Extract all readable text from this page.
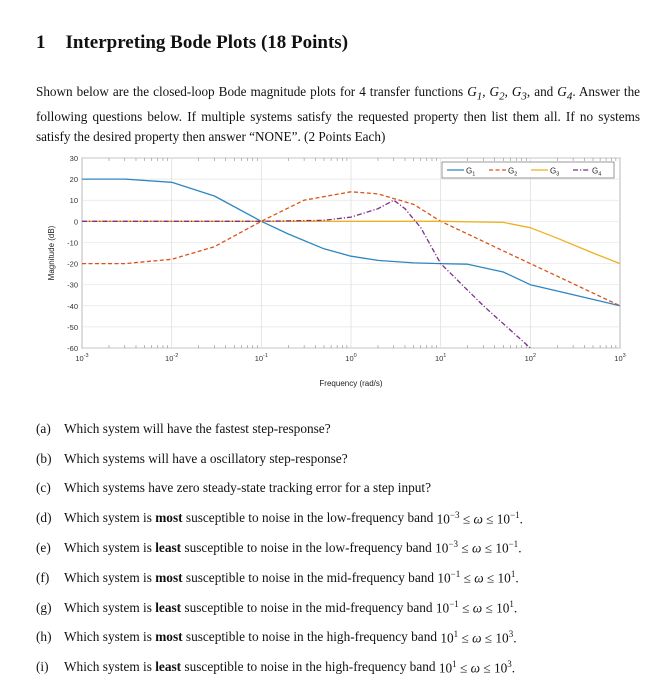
1 Interpreting Bode Plots (18 Points)

Shown below are the closed-loop Bode magnitude plots for 4 transfer functions $G_1$, $G_2$, $G_3$, and $G_4$. Answer the following questions below. If multiple systems satisfy the requested property then list them all. If no systems satisfy the desired property then answer “NONE”. (2 Points Each)

30
20
10
0
-10
-20
-30
-40
-50
-60
$10^{-3}$	$10^{-2}$	$10^{-1}$	$10^0$	$10^1$	$10^2$	$10^3$
Magnitude (dB)
Frequency (rad/s)
$G_1$	$G_2$	$G_3$	$G_4$
(a) Which system will have the fastest step-response?
(b) Which systems will have a oscillatory step-response?
(c) Which systems have zero steady-state tracking error for a step input?
(d) Which system is
most
susceptible to noise in the low-frequency band
$10^{-3} \le \omega \le 10^{-1}$.
(e) Which system is
least
susceptible to noise in the low-frequency band
$10^{-3} \le \omega \le 10^{-1}$.
(f)	Which system is
most
susceptible to noise in the mid-frequency band
$10^{-1} \le \omega \le 10^1$.
(g) Which system is
least
susceptible to noise in the mid-frequency band
$10^{-1} \le \omega \le 10^1$.
(h) Which system is
most
susceptible to noise in the high-frequency band
$10^1 \le \omega \le 10^3$.
(i)	Which system is
least
susceptible to noise in the high-frequency band
$10^1 \le \omega \le 10^3$.
